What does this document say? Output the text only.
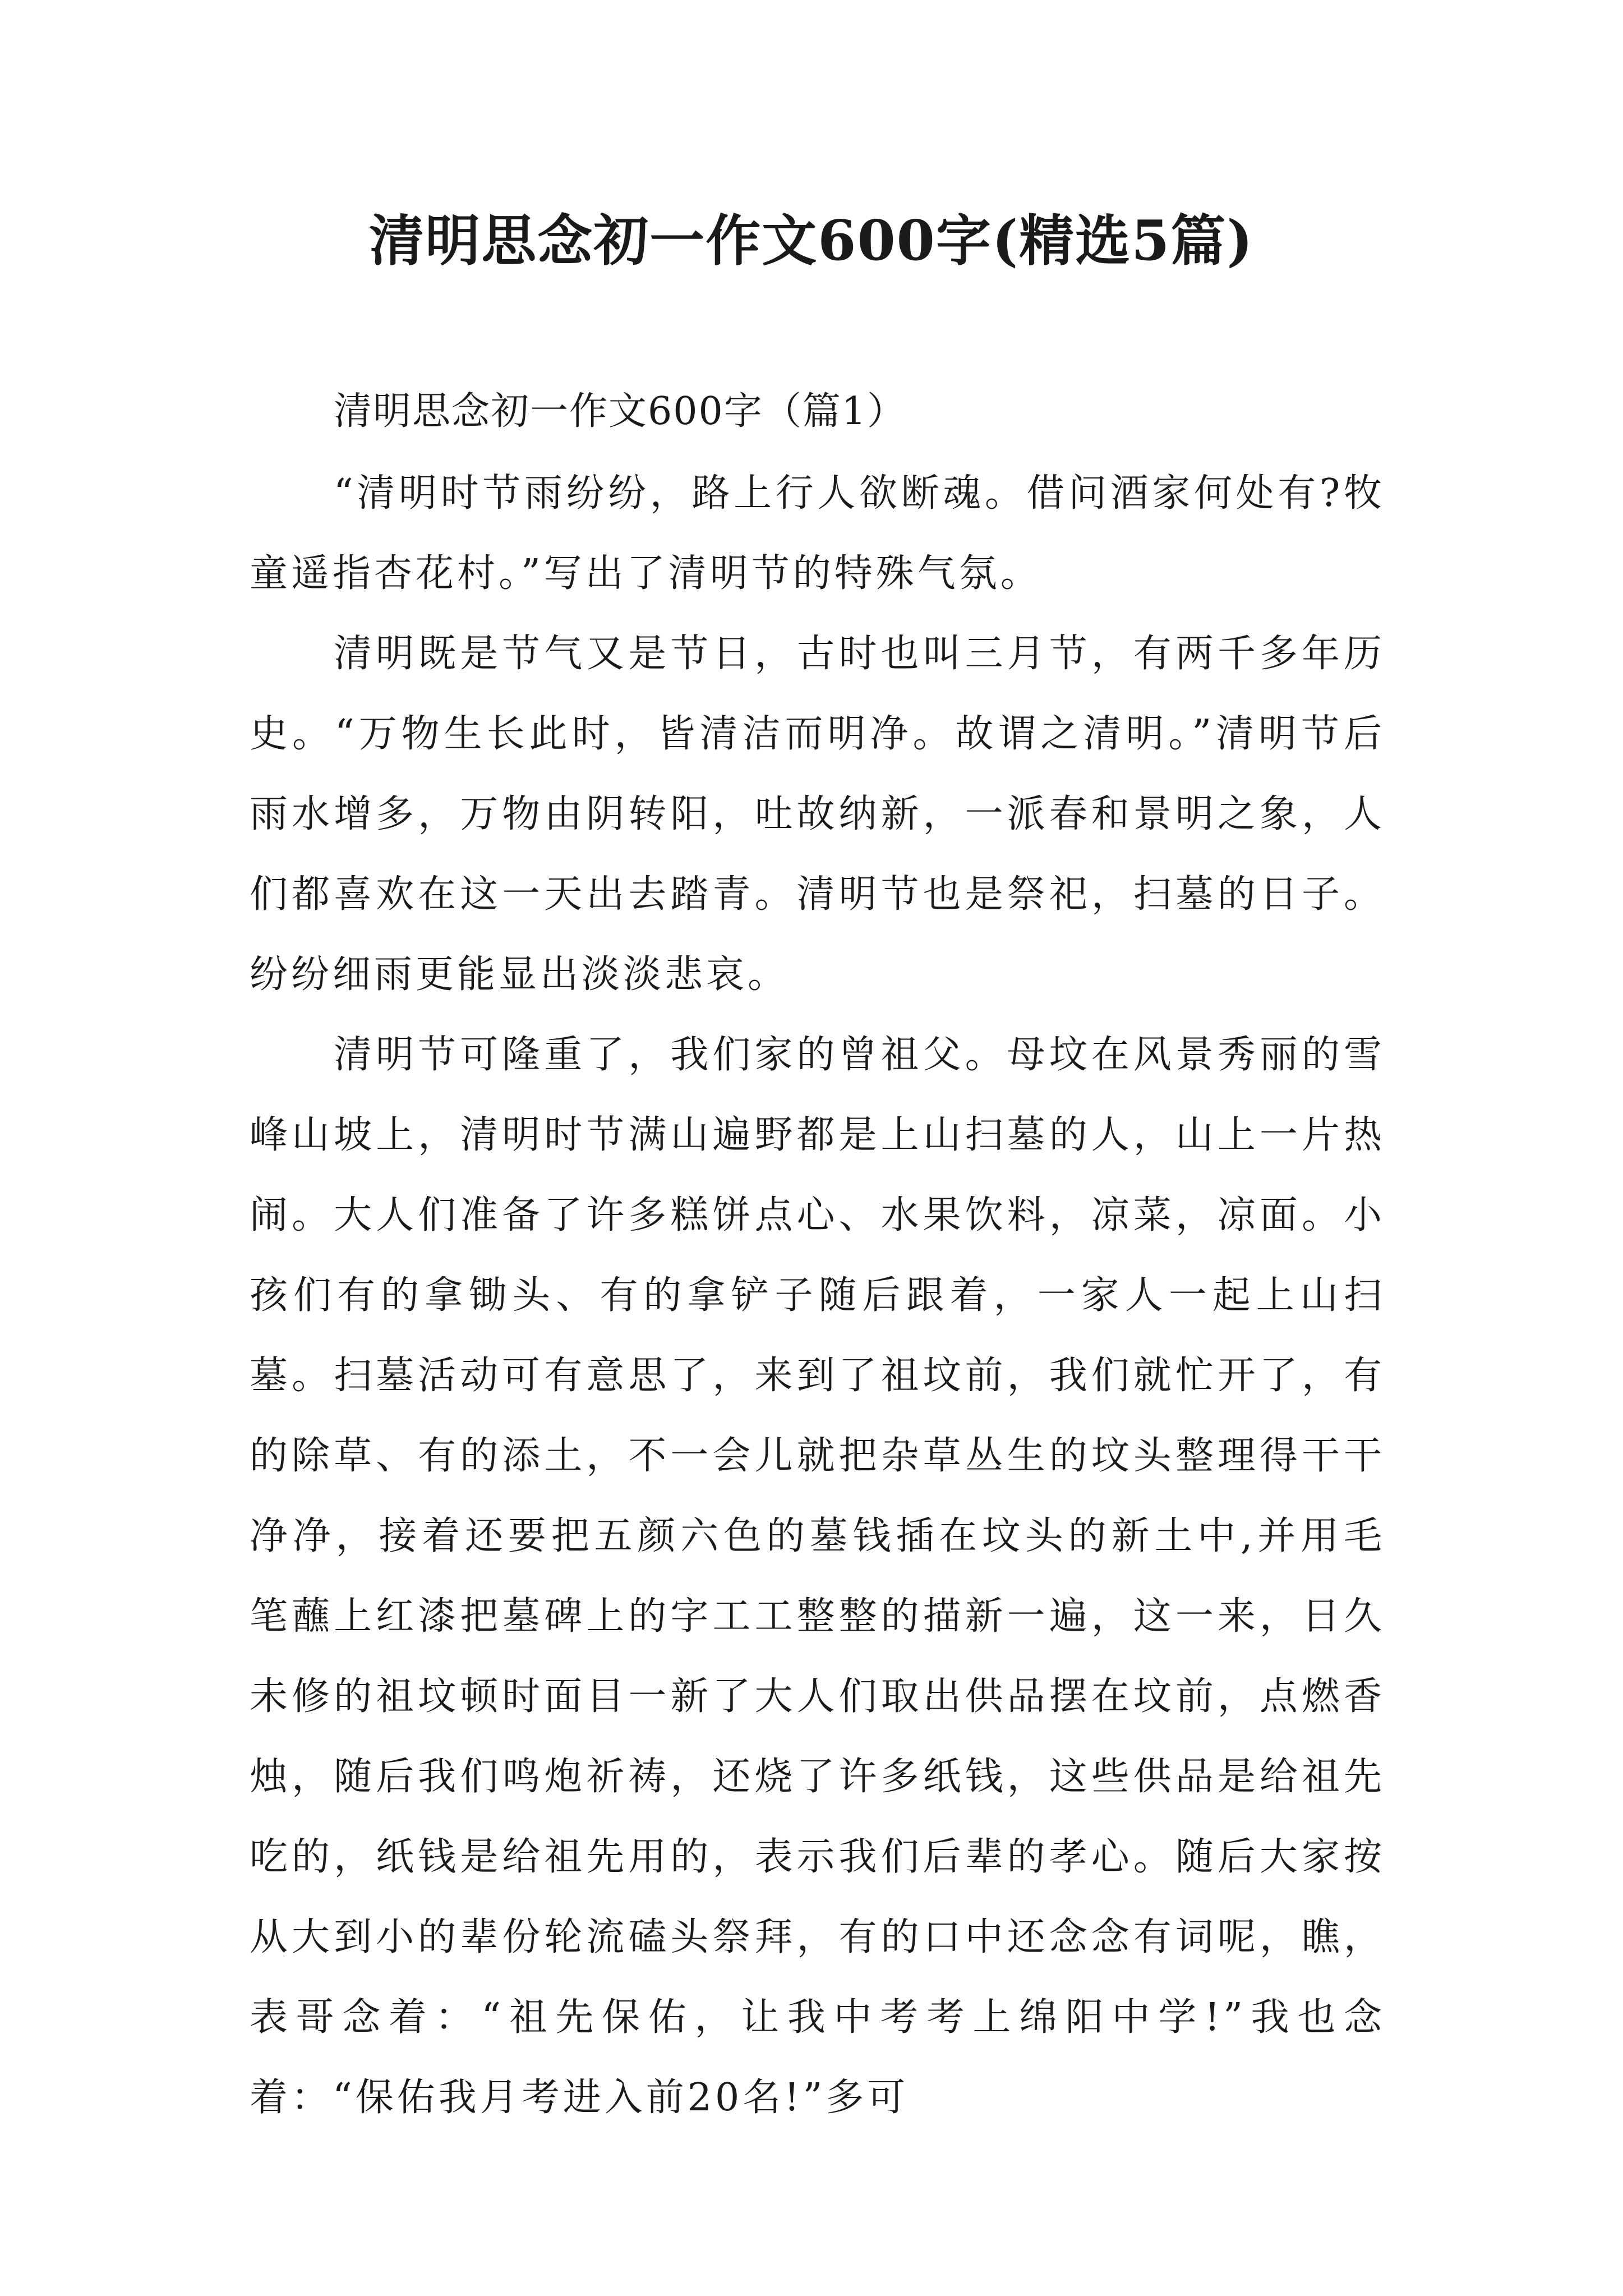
清明思念初一作文600字(精选5篇)

清明思念初一作文600字（篇1）

“清明时节雨纷纷，路上行人欲断魂。借问酒家何处有?牧童遥指杏花村。”写出了清明节的特殊气氛。

清明既是节气又是节日，古时也叫三月节，有两千多年历史。“万物生长此时，皆清洁而明净。故谓之清明。”清明节后雨水增多，万物由阴转阳，吐故纳新，一派春和景明之象，人们都喜欢在这一天出去踏青。清明节也是祭祀，扫墓的日子。纷纷细雨更能显出淡淡悲哀。

清明节可隆重了，我们家的曾祖父。母坟在风景秀丽的雪峰山坡上，清明时节满山遍野都是上山扫墓的人，山上一片热闹。大人们准备了许多糕饼点心、水果饮料，凉菜，凉面。小孩们有的拿锄头、有的拿铲子随后跟着，一家人一起上山扫墓。扫墓活动可有意思了，来到了祖坟前，我们就忙开了，有的除草、有的添土，不一会儿就把杂草丛生的坟头整理得干干净净，接着还要把五颜六色的墓钱插在坟头的新土中,并用毛笔蘸上红漆把墓碑上的字工工整整的描新一遍，这一来，日久未修的祖坟顿时面目一新了大人们取出供品摆在坟前，点燃香烛，随后我们鸣炮祈祷，还烧了许多纸钱，这些供品是给祖先吃的，纸钱是给祖先用的，表示我们后辈的孝心。随后大家按从大到小的辈份轮流磕头祭拜，有的口中还念念有词呢，瞧，表哥念着：“祖先保佑，让我中考考上绵阳中学!”我也念着：“保佑我月考进入前20名!”多可
